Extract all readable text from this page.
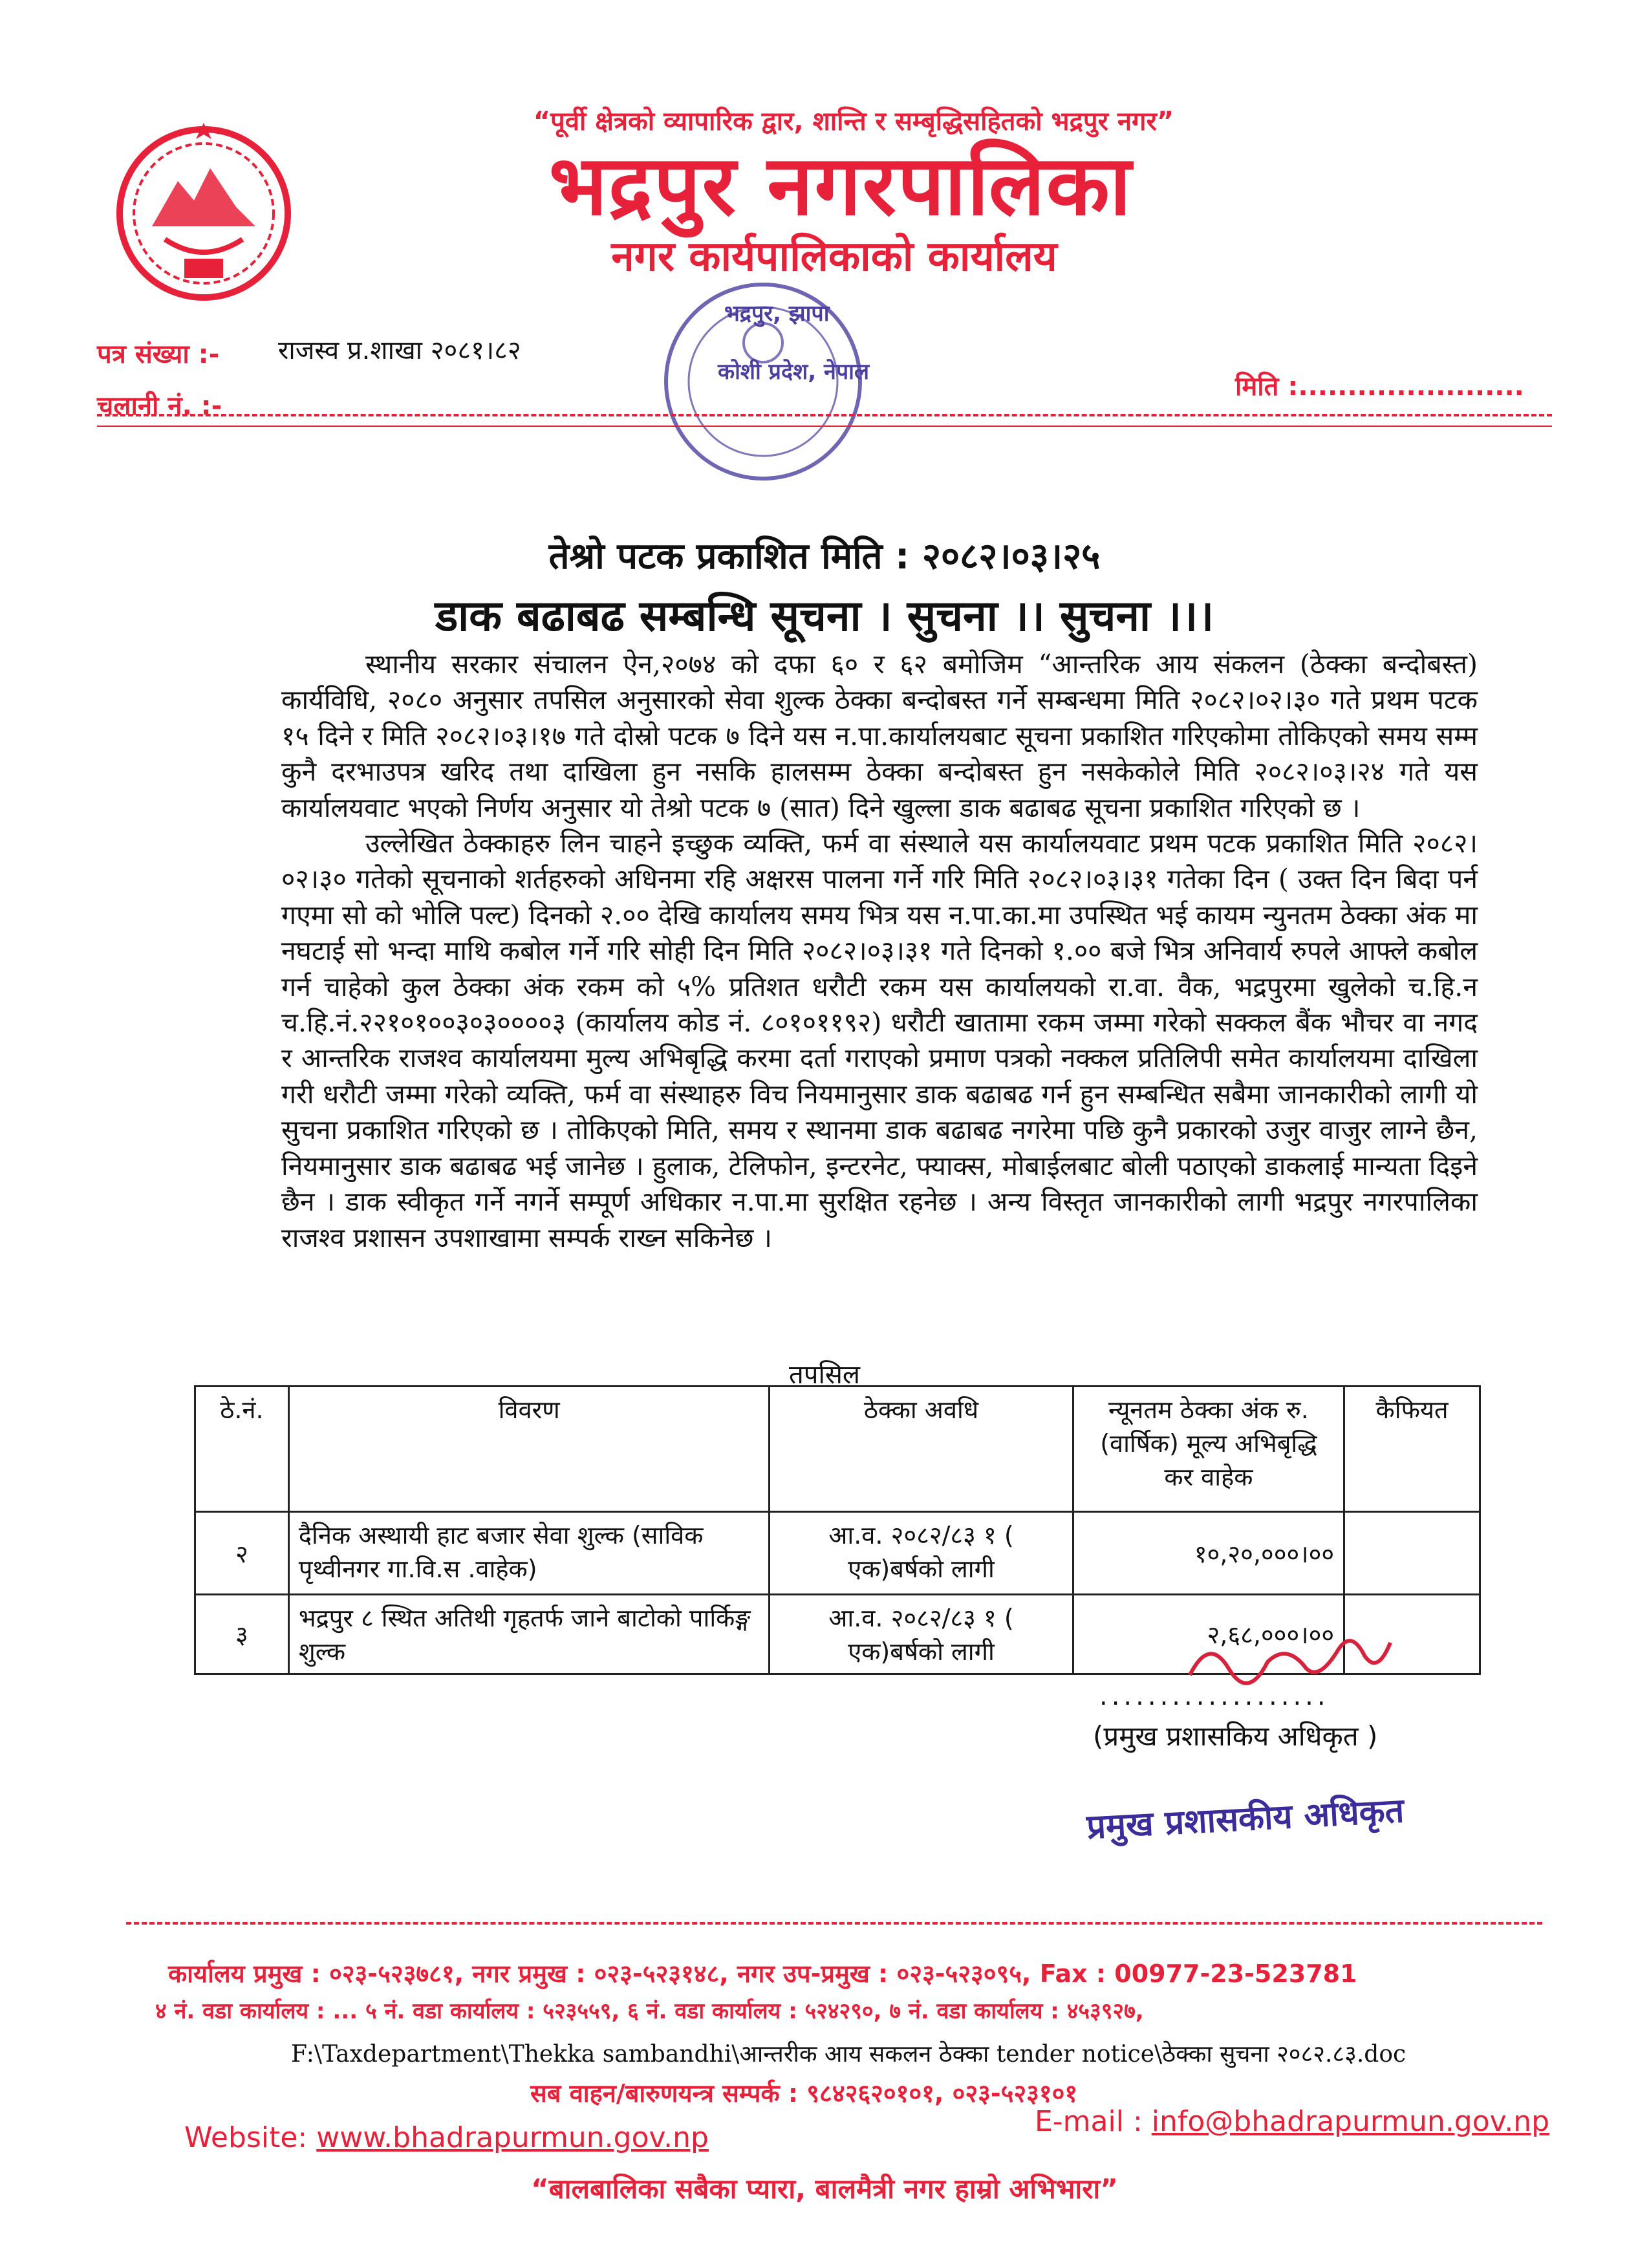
“पूर्वी क्षेत्रको व्यापारिक द्वार, शान्ति र सम्बृद्धिसहितको भद्रपुर नगर”
भद्रपुर नगरपालिका
नगर कार्यपालिकाको कार्यालय
भद्रपुर, झापा
कोशी प्रदेश, नेपाल
पत्र संख्या :- राजस्व प्र.शाखा २०८१।८२
चलानी नं. :-
मिति :.......................
तेश्रो पटक प्रकाशित मिति : २०८२।०३।२५
डाक बढाबढ सम्बन्धि सूचना । सुचना ।। सुचना ।।।

स्थानीय सरकार संचालन ऐन,२०७४ को दफा ६० र ६२ बमोजिम “आन्तरिक आय संकलन (ठेक्का बन्दोबस्त) कार्यविधि, २०८० अनुसार तपसिल अनुसारको सेवा शुल्क ठेक्का बन्दोबस्त गर्ने सम्बन्धमा मिति २०८२।०२।३० गते प्रथम पटक १५ दिने र मिति २०८२।०३।१७ गते दोस्रो पटक ७ दिने यस न.पा.कार्यालयबाट सूचना प्रकाशित गरिएकोमा तोकिएको समय सम्म कुनै दरभाउपत्र खरिद तथा दाखिला हुन नसकि हालसम्म ठेक्का बन्दोबस्त हुन नसकेकोले मिति २०८२।०३।२४ गते यस कार्यालयवाट भएको निर्णय अनुसार यो तेश्रो पटक ७ (सात) दिने खुल्ला डाक बढाबढ सूचना प्रकाशित गरिएको छ ।

उल्लेखित ठेक्काहरु लिन चाहने इच्छुक व्यक्ति, फर्म वा संस्थाले यस कार्यालयवाट प्रथम पटक प्रकाशित मिति २०८२।०२।३० गतेको सूचनाको शर्तहरुको अधिनमा रहि अक्षरस पालना गर्ने गरि मिति २०८२।०३।३१ गतेका दिन ( उक्त दिन बिदा पर्न गएमा सो को भोलि पल्ट) दिनको २.०० देखि कार्यालय समय भित्र यस न.पा.का.मा उपस्थित भई कायम न्युनतम ठेक्का अंक मा नघटाई सो भन्दा माथि कबोल गर्ने गरि सोही दिन मिति २०८२।०३।३१ गते दिनको १.०० बजे भित्र अनिवार्य रुपले आफ्ले कबोल गर्न चाहेको कुल ठेक्का अंक रकम को ५% प्रतिशत धरौटी रकम यस कार्यालयको रा.वा. वैक, भद्रपुरमा खुलेको च.हि.न च.हि.नं.२२१०१००३०३००००३ (कार्यालय कोड नं. ८०१०११९२) धरौटी खातामा रकम जम्मा गरेको सक्कल बैंक भौचर वा नगद र आन्तरिक राजश्व कार्यालयमा मुल्य अभिबृद्धि करमा दर्ता गराएको प्रमाण पत्रको नक्कल प्रतिलिपी समेत कार्यालयमा दाखिला गरी धरौटी जम्मा गरेको व्यक्ति, फर्म वा संस्थाहरु विच नियमानुसार डाक बढाबढ गर्न हुन सम्बन्धित सबैमा जानकारीको लागी यो सुचना प्रकाशित गरिएको छ । तोकिएको मिति, समय र स्थानमा डाक बढाबढ नगरेमा पछि कुनै प्रकारको उजुर वाजुर लाग्ने छैन, नियमानुसार डाक बढाबढ भई जानेछ । हुलाक, टेलिफोन, इन्टरनेट, फ्याक्स, मोबाईलबाट बोली पठाएको डाकलाई मान्यता दिइने छैन । डाक स्वीकृत गर्ने नगर्ने सम्पूर्ण अधिकार न.पा.मा सुरक्षित रहनेछ । अन्य विस्तृत जानकारीको लागी भद्रपुर नगरपालिका राजश्व प्रशासन उपशाखामा सम्पर्क राख्न सकिनेछ ।

तपसिल
ठे.नं.	विवरण	ठेक्का अवधि	न्यूनतम ठेक्का अंक रु. (वार्षिक) मूल्य अभिबृद्धि कर वाहेक	कैफियत
२	दैनिक अस्थायी हाट बजार सेवा शुल्क (साविक पृथ्वीनगर गा.वि.स .वाहेक)	आ.व. २०८२/८३ १ ( एक)बर्षको लागी	१०,२०,०००।००	
३	भद्रपुर ८ स्थित अतिथी गृहतर्फ जाने बाटोको पार्किङ्ग शुल्क	आ.व. २०८२/८३ १ ( एक)बर्षको लागी	२,६८,०००।००	
...................
(प्रमुख प्रशासकिय अधिकृत )
प्रमुख प्रशासकीय अधिकृत
कार्यालय प्रमुख : ०२३-५२३७८१, नगर प्रमुख : ०२३-५२३१४८, नगर उप-प्रमुख : ०२३-५२३०९५, Fax : 00977-23-523781
४ नं. वडा कार्यालय : ... ५ नं. वडा कार्यालय : ५२३५५९, ६ नं. वडा कार्यालय : ५२४२९०, ७ नं. वडा कार्यालय : ४५३९२७,
F:\Taxdepartment\Thekka sambandhi\आन्तरीक आय सकलन ठेक्का tender notice\ठेक्का सुचना २०८२.८३.doc
सब वाहन/बारुणयन्त्र सम्पर्क : ९८४२६२०१०१, ०२३-५२३१०१
Website: www.bhadrapurmun.gov.np	E-mail : info@bhadrapurmun.gov.np
“बालबालिका सबैका प्यारा, बालमैत्री नगर हाम्रो अभिभारा”
